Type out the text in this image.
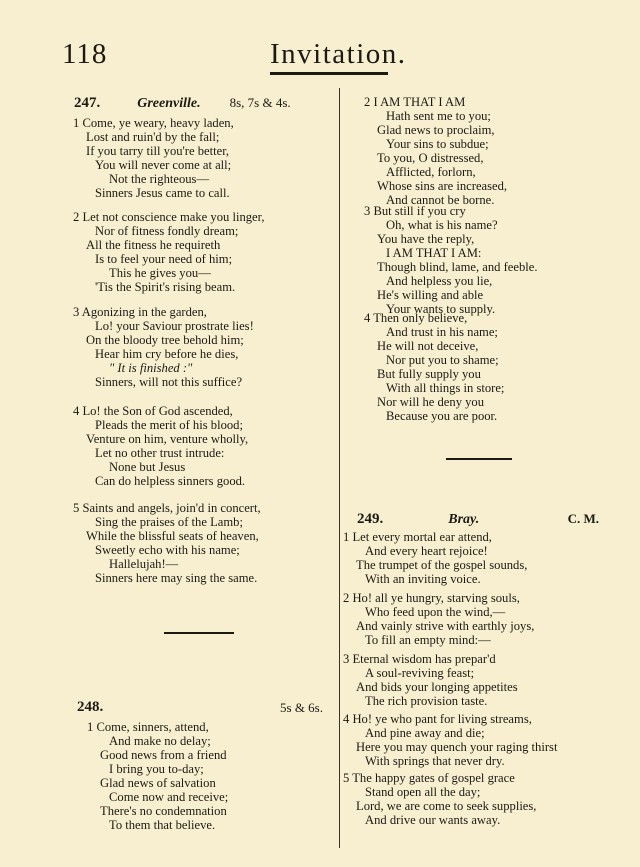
118	Invitation.
247.	Greenville. 8s, 7s & 4s.
1 Come, ye weary, heavy laden,
Lost and ruin'd by the fall;
If you tarry till you're better,
You will never come at all;
Not the righteous—
Sinners Jesus came to call.
2 Let not conscience make you linger,
Nor of fitness fondly dream;
All the fitness he requireth
Is to feel your need of him;
This he gives you—
'Tis the Spirit's rising beam.
3 Agonizing in the garden,
Lo! your Saviour prostrate lies!
On the bloody tree behold him;
Hear him cry before he dies,
" It is finished :"
Sinners, will not this suffice?
4 Lo! the Son of God ascended,
Pleads the merit of his blood;
Venture on him, venture wholly,
Let no other trust intrude:
None but Jesus
Can do helpless sinners good.
5 Saints and angels, join'd in concert,
Sing the praises of the Lamb;
While the blissful seats of heaven,
Sweetly echo with his name;
Hallelujah!—
Sinners here may sing the same.
248.	5s & 6s.
1 Come, sinners, attend,
And make no delay;
Good news from a friend
I bring you to-day;
Glad news of salvation
Come now and receive;
There's no condemnation
To them that believe.
2 I AM THAT I AM
Hath sent me to you;
Glad news to proclaim,
Your sins to subdue;
To you, O distressed,
Afflicted, forlorn,
Whose sins are increased,
And cannot be borne.
3 But still if you cry
Oh, what is his name?
You have the reply,
I AM THAT I AM:
Though blind, lame, and feeble.
And helpless you lie,
He's willing and able
Your wants to supply.
4 Then only believe,
And trust in his name;
He will not deceive,
Nor put you to shame;
But fully supply you
With all things in store;
Nor will he deny you
Because you are poor.
249.	Bray.	C. M.
1 Let every mortal ear attend,
And every heart rejoice!
The trumpet of the gospel sounds,
With an inviting voice.
2 Ho! all ye hungry, starving souls,
Who feed upon the wind,—
And vainly strive with earthly joys,
To fill an empty mind:—
3 Eternal wisdom has prepar'd
A soul-reviving feast;
And bids your longing appetites
The rich provision taste.
4 Ho! ye who pant for living streams,
And pine away and die;
Here you may quench your raging thirst
With springs that never dry.
5 The happy gates of gospel grace
Stand open all the day;
Lord, we are come to seek supplies,
And drive our wants away.
